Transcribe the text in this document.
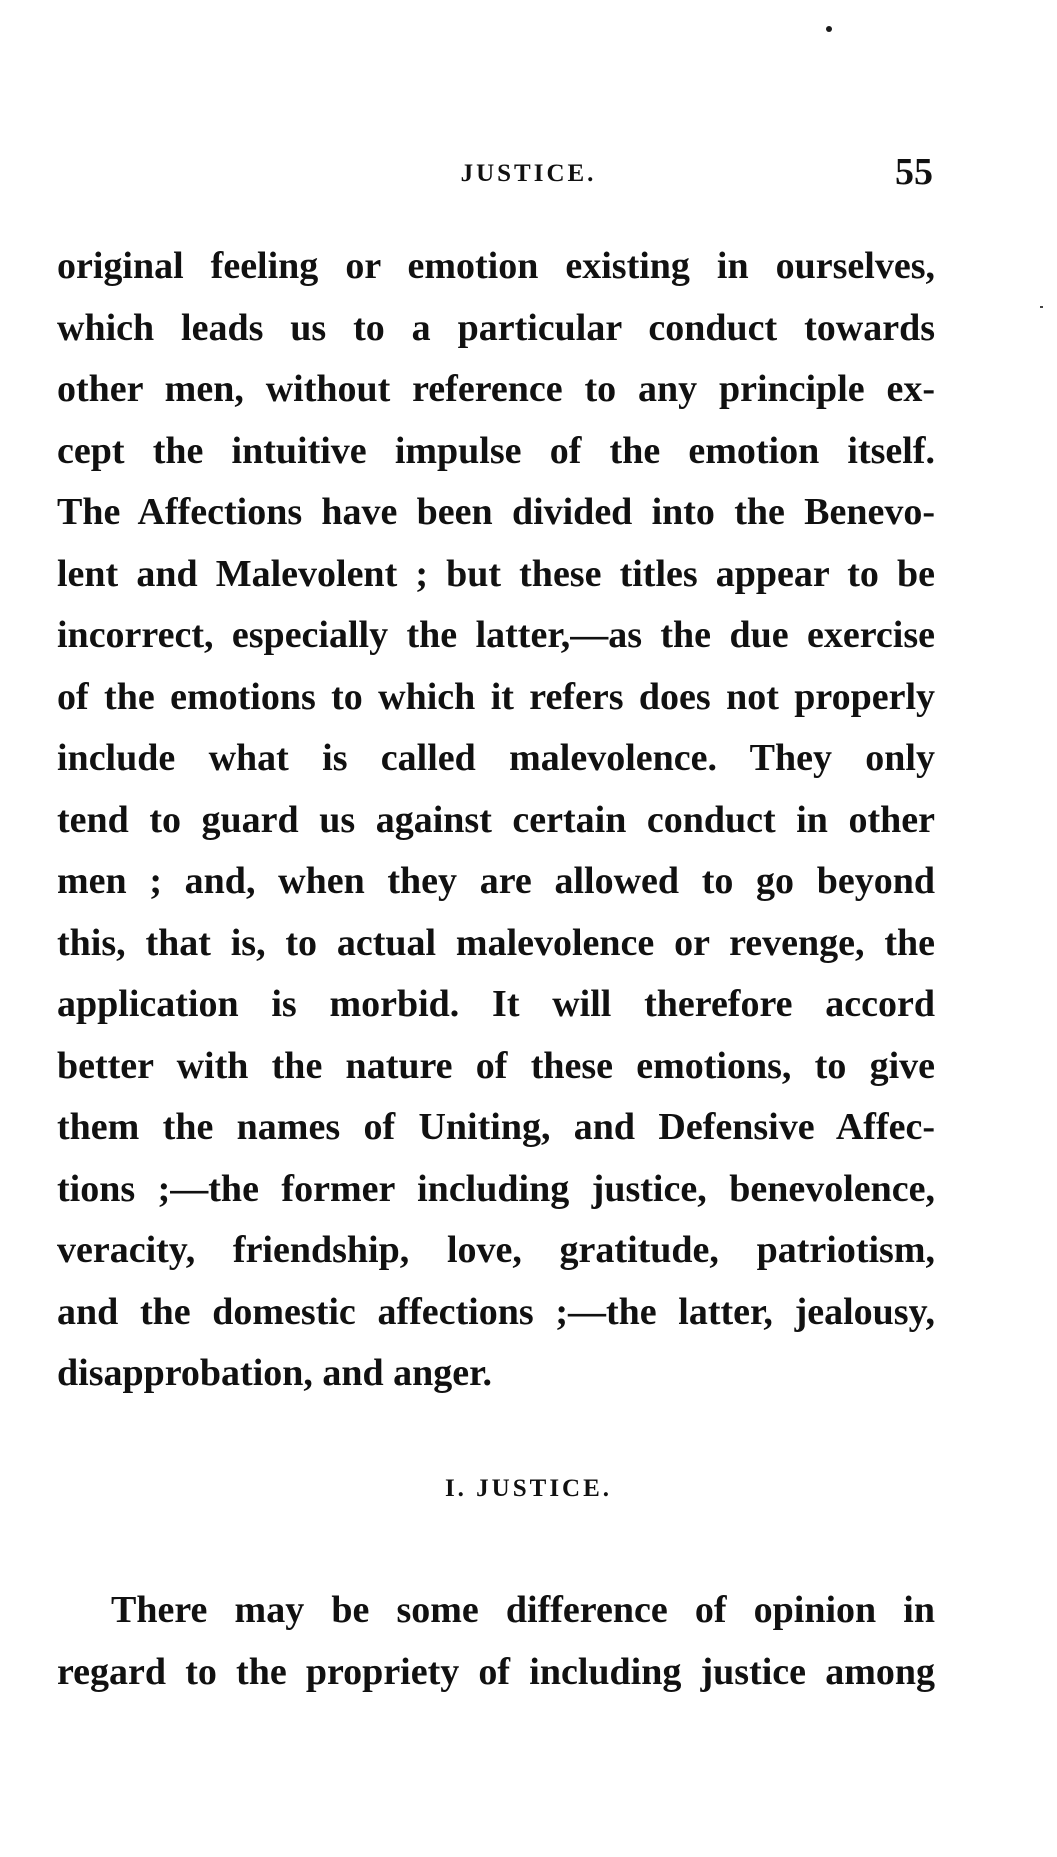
JUSTICE.	55
original feeling or emotion existing in ourselves,
which leads us to a particular conduct towards
other men, without reference to any principle ex-
cept the intuitive impulse of the emotion itself.
The Affections have been divided into the Benevo-
lent and Malevolent ; but these titles appear to be
incorrect, especially the latter,—as the due exercise
of the emotions to which it refers does not properly
include what is called malevolence. They only
tend to guard us against certain conduct in other
men ; and, when they are allowed to go beyond
this, that is, to actual malevolence or revenge, the
application is morbid. It will therefore accord
better with the nature of these emotions, to give
them the names of Uniting, and Defensive Affec-
tions ;—the former including justice, benevolence,
veracity, friendship, love, gratitude, patriotism,
and the domestic affections ;—the latter, jealousy,
disapprobation, and anger.
I. JUSTICE.
There may be some difference of opinion in
regard to the propriety of including justice among
